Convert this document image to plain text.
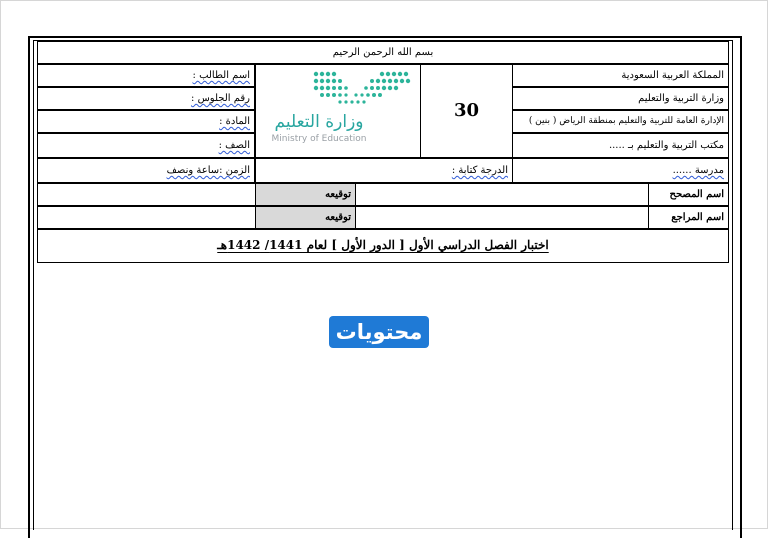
بسم الله الرحمن الرحيم
المملكة العربية السعودية
وزارة التربية والتعليم
الإدارة العامة للتربية والتعليم بمنطقة الرياض ( بنين )
مكتب التربية والتعليم بـ .....
30
وزارة التعليم
Ministry of Education
اسم الطالب :
رقم الجلوس :
المادة :
الصف :
مدرسة ......
الدرجة كتابة :
الزمن :ساعة ونصف
اسم المصحح
توقيعه
اسم المراجع
توقيعه
اختبار الفصل الدراسي الأول [ الدور الأول ] لعام 1441/ 1442هـ
محتويات
